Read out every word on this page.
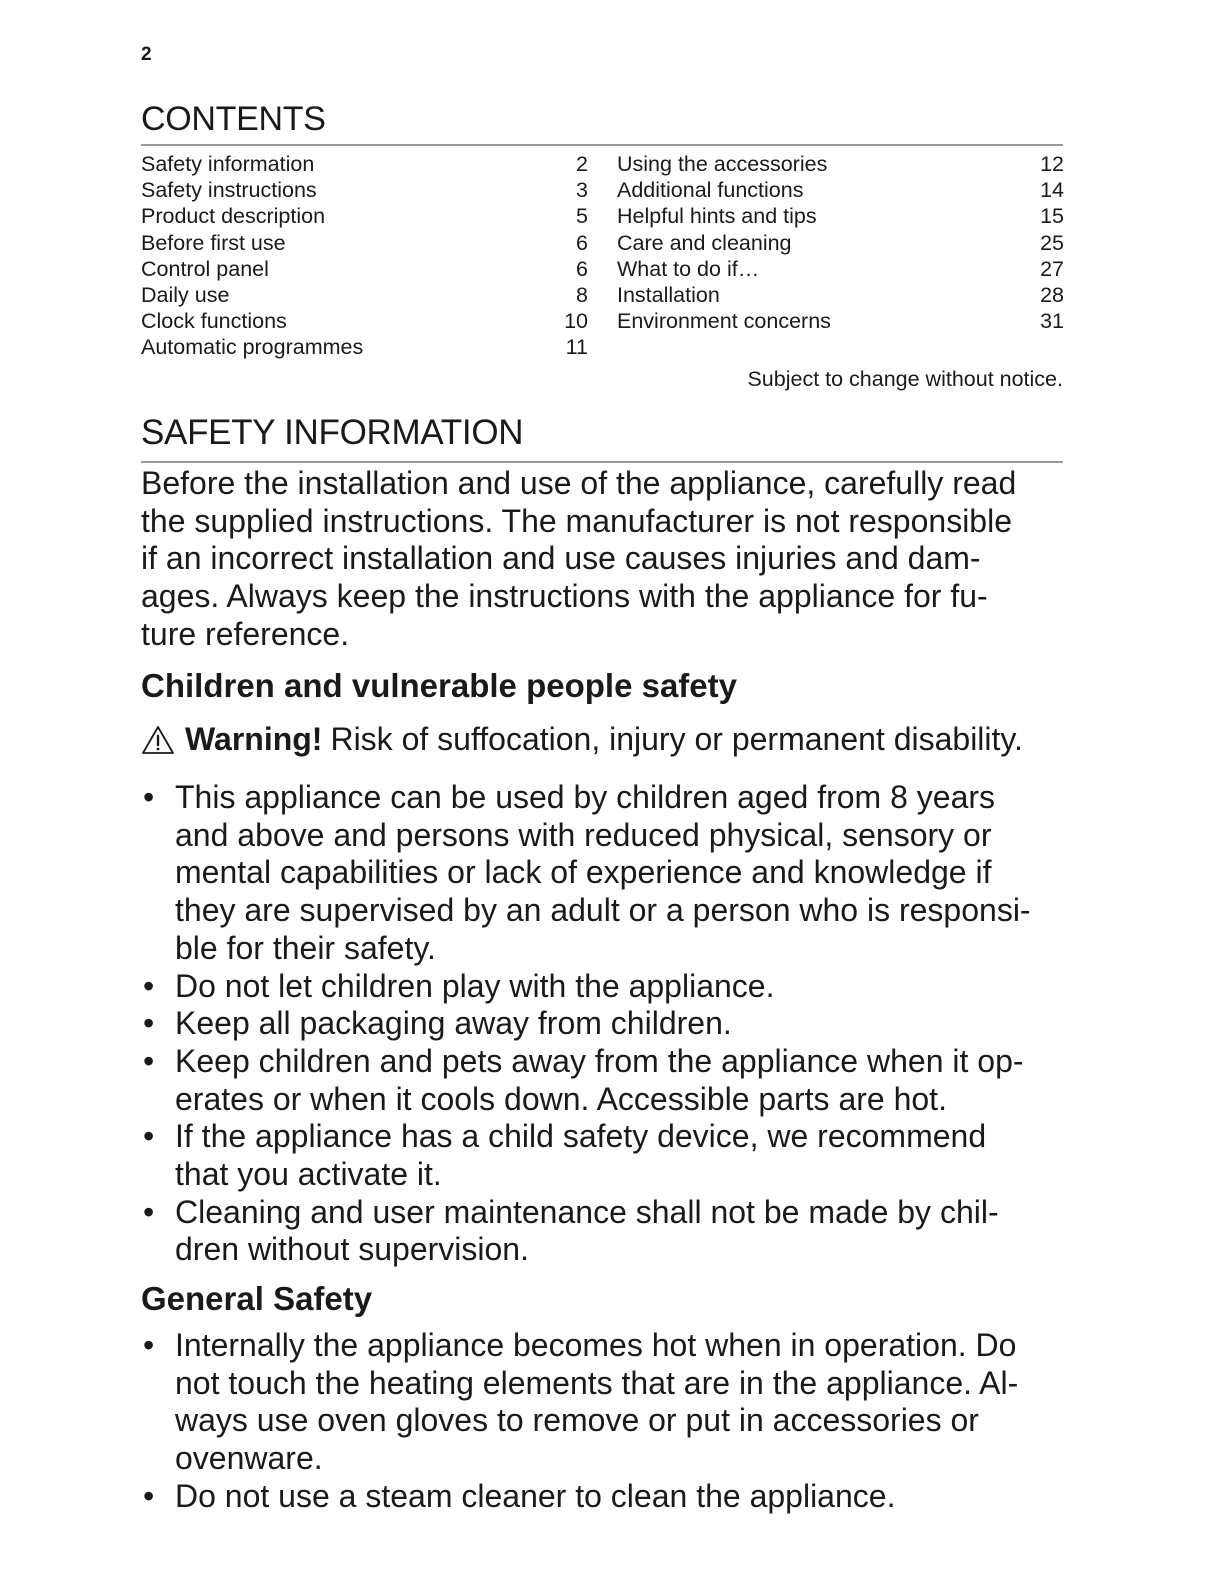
2
CONTENTS
Safety information	2
Safety instructions	3
Product description	5
Before first use	6
Control panel	6
Daily use	8
Clock functions	10
Automatic programmes	11
Using the accessories	12
Additional functions	14
Helpful hints and tips	15
Care and cleaning	25
What to do if…	27
Installation	28
Environment concerns	31
Subject to change without notice.
SAFETY INFORMATION

Before the installation and use of the appliance, carefully read
the supplied instructions. The manufacturer is not responsible
if an incorrect installation and use causes injuries and dam-
ages. Always keep the instructions with the appliance for fu-
ture reference.

Children and vulnerable people safety
Warning! Risk of suffocation, injury or permanent disability.
• This appliance can be used by children aged from 8 years
and above and persons with reduced physical, sensory or
mental capabilities or lack of experience and knowledge if
they are supervised by an adult or a person who is responsi-
ble for their safety.
• Do not let children play with the appliance.
• Keep all packaging away from children.
• Keep children and pets away from the appliance when it op-
erates or when it cools down. Accessible parts are hot.
• If the appliance has a child safety device, we recommend
that you activate it.
• Cleaning and user maintenance shall not be made by chil-
dren without supervision.
General Safety
• Internally the appliance becomes hot when in operation. Do
not touch the heating elements that are in the appliance. Al-
ways use oven gloves to remove or put in accessories or
ovenware.
• Do not use a steam cleaner to clean the appliance.
